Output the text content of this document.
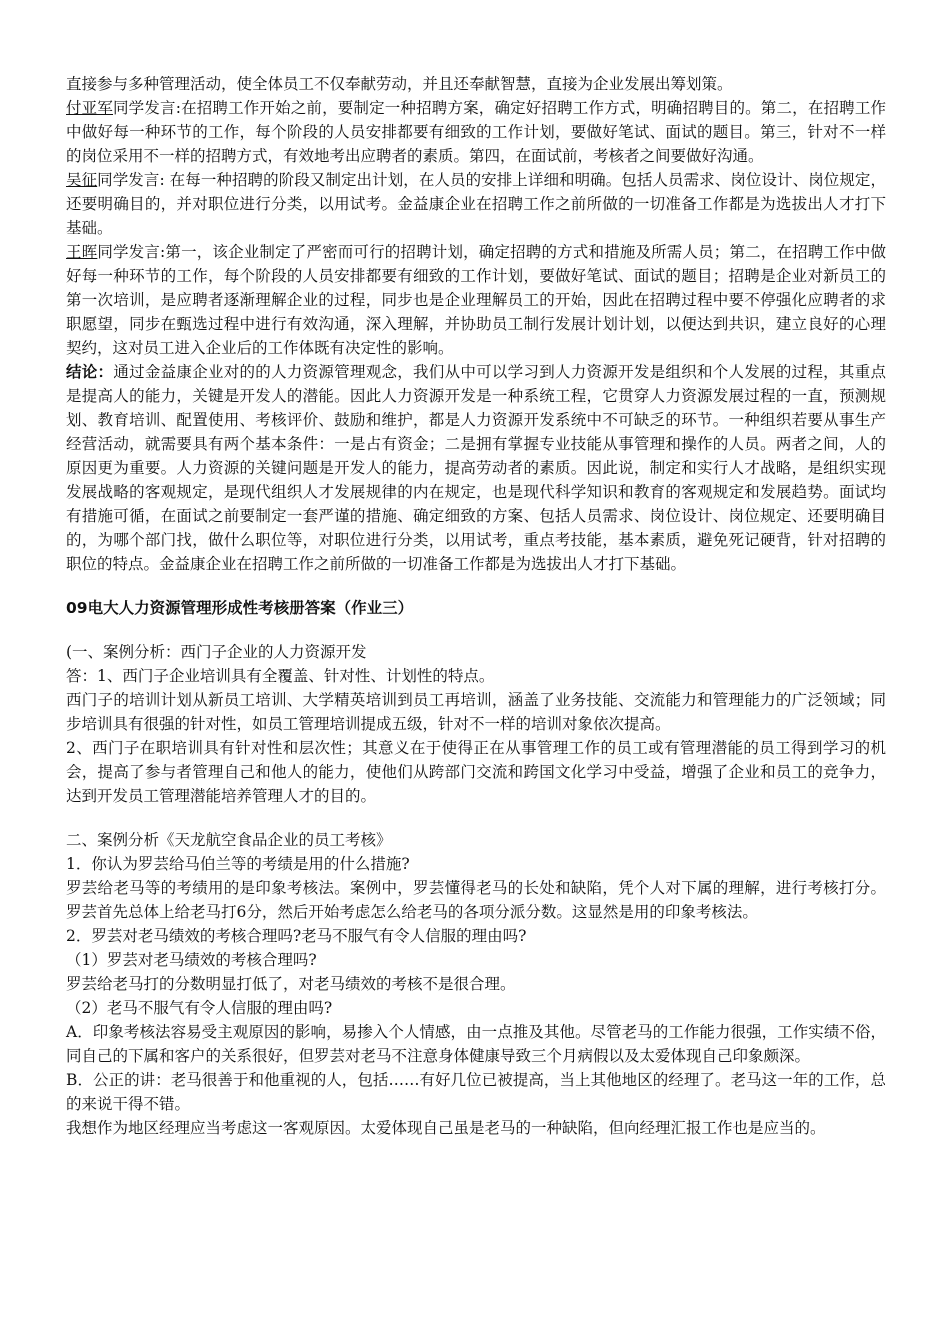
直接参与多种管理活动，使全体员工不仅奉献劳动，并且还奉献智慧，直接为企业发展出筹划策。

付亚军同学发言:在招聘工作开始之前，要制定一种招聘方案，确定好招聘工作方式，明确招聘目的。第二，在招聘工作中做好每一种环节的工作，每个阶段的人员安排都要有细致的工作计划，要做好笔试、面试的题目。第三，针对不一样的岗位采用不一样的招聘方式，有效地考出应聘者的素质。第四，在面试前，考核者之间要做好沟通。

吴征同学发言: 在每一种招聘的阶段又制定出计划，在人员的安排上详细和明确。包括人员需求、岗位设计、岗位规定，还要明确目的，并对职位进行分类，以用试考。金益康企业在招聘工作之前所做的一切准备工作都是为选拔出人才打下基础。

王晖同学发言:第一，该企业制定了严密而可行的招聘计划，确定招聘的方式和措施及所需人员；第二，在招聘工作中做好每一种环节的工作，每个阶段的人员安排都要有细致的工作计划，要做好笔试、面试的题目；招聘是企业对新员工的第一次培训，是应聘者逐渐理解企业的过程，同步也是企业理解员工的开始，因此在招聘过程中要不停强化应聘者的求职愿望，同步在甄选过程中进行有效沟通，深入理解，并协助员工制行发展计划计划，以便达到共识，建立良好的心理契约，这对员工进入企业后的工作体既有决定性的影响。

结论：通过金益康企业对的的人力资源管理观念，我们从中可以学习到人力资源开发是组织和个人发展的过程，其重点是提高人的能力，关键是开发人的潜能。因此人力资源开发是一种系统工程，它贯穿人力资源发展过程的一直，预测规划、教育培训、配置使用、考核评价、鼓励和维护，都是人力资源开发系统中不可缺乏的环节。一种组织若要从事生产经营活动，就需要具有两个基本条件：一是占有资金；二是拥有掌握专业技能从事管理和操作的人员。两者之间，人的原因更为重要。人力资源的关键问题是开发人的能力，提高劳动者的素质。因此说，制定和实行人才战略，是组织实现发展战略的客观规定，是现代组织人才发展规律的内在规定，也是现代科学知识和教育的客观规定和发展趋势。面试均有措施可循，在面试之前要制定一套严谨的措施、确定细致的方案、包括人员需求、岗位设计、岗位规定、还要明确目的，为哪个部门找，做什么职位等，对职位进行分类，以用试考，重点考技能，基本素质，避免死记硬背，针对招聘的职位的特点。金益康企业在招聘工作之前所做的一切准备工作都是为选拔出人才打下基础。

09电大人力资源管理形成性考核册答案（作业三）

(一、案例分析：西门子企业的人力资源开发

答：1、西门子企业培训具有全覆盖、针对性、计划性的特点。

西门子的培训计划从新员工培训、大学精英培训到员工再培训，涵盖了业务技能、交流能力和管理能力的广泛领域；同步培训具有很强的针对性，如员工管理培训提成五级，针对不一样的培训对象依次提高。

2、西门子在职培训具有针对性和层次性；其意义在于使得正在从事管理工作的员工或有管理潜能的员工得到学习的机会，提高了参与者管理自己和他人的能力，使他们从跨部门交流和跨国文化学习中受益，增强了企业和员工的竞争力，达到开发员工管理潜能培养管理人才的目的。

二、案例分析《天龙航空食品企业的员工考核》

1．你认为罗芸给马伯兰等的考绩是用的什么措施?

罗芸给老马等的考绩用的是印象考核法。案例中，罗芸懂得老马的长处和缺陷，凭个人对下属的理解，进行考核打分。罗芸首先总体上给老马打6分，然后开始考虑怎么给老马的各项分派分数。这显然是用的印象考核法。

2．罗芸对老马绩效的考核合理吗?老马不服气有令人信服的理由吗?

（1）罗芸对老马绩效的考核合理吗?

罗芸给老马打的分数明显打低了，对老马绩效的考核不是很合理。

（2）老马不服气有令人信服的理由吗?

A．印象考核法容易受主观原因的影响，易掺入个人情感，由一点推及其他。尽管老马的工作能力很强，工作实绩不俗，同自己的下属和客户的关系很好，但罗芸对老马不注意身体健康导致三个月病假以及太爱体现自己印象颇深。

B．公正的讲：老马很善于和他重视的人，包括……有好几位已被提高，当上其他地区的经理了。老马这一年的工作，总的来说干得不错。

我想作为地区经理应当考虑这一客观原因。太爱体现自己虽是老马的一种缺陷，但向经理汇报工作也是应当的。
